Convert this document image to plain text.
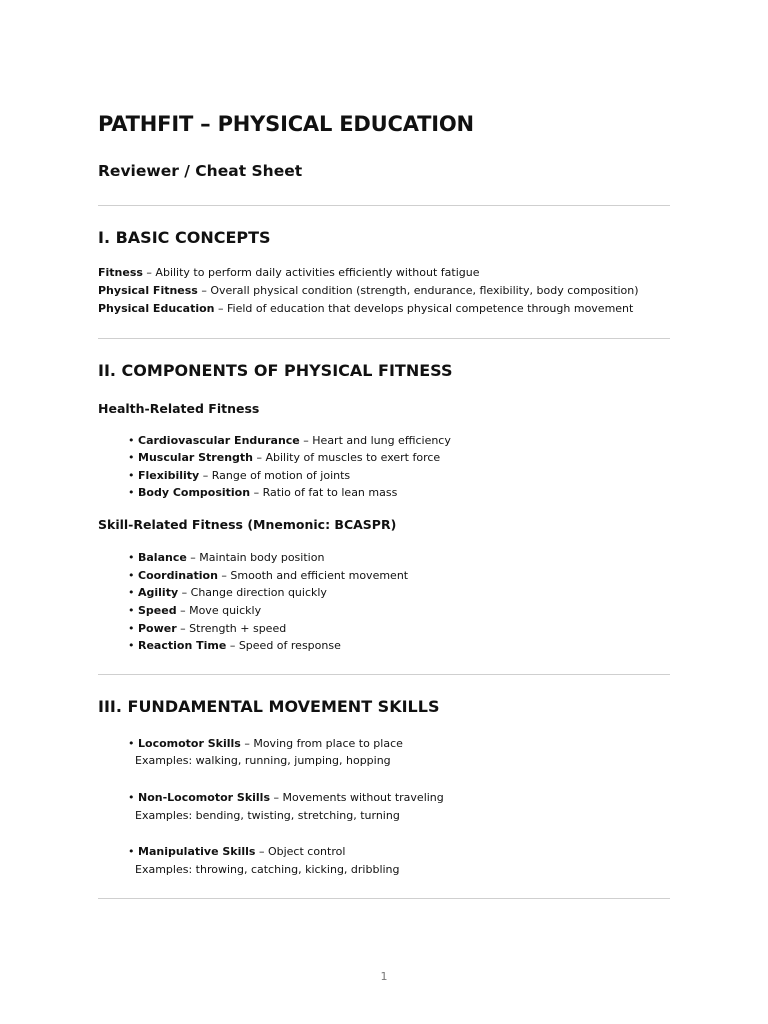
PATHFIT – PHYSICAL EDUCATION
Reviewer / Cheat Sheet
I. BASIC CONCEPTS
Fitness – Ability to perform daily activities efficiently without fatigue
Physical Fitness – Overall physical condition (strength, endurance, flexibility, body composition)
Physical Education – Field of education that develops physical competence through movement
II. COMPONENTS OF PHYSICAL FITNESS
Health-Related Fitness
• Cardiovascular Endurance – Heart and lung efficiency
• Muscular Strength – Ability of muscles to exert force
• Flexibility – Range of motion of joints
• Body Composition – Ratio of fat to lean mass
Skill-Related Fitness (Mnemonic: BCASPR)
• Balance – Maintain body position
• Coordination – Smooth and efficient movement
• Agility – Change direction quickly
• Speed – Move quickly
• Power – Strength + speed
• Reaction Time – Speed of response
III. FUNDAMENTAL MOVEMENT SKILLS
• Locomotor Skills – Moving from place to place
Examples: walking, running, jumping, hopping
• Non-Locomotor Skills – Movements without traveling
Examples: bending, twisting, stretching, turning
• Manipulative Skills – Object control
Examples: throwing, catching, kicking, dribbling
1
